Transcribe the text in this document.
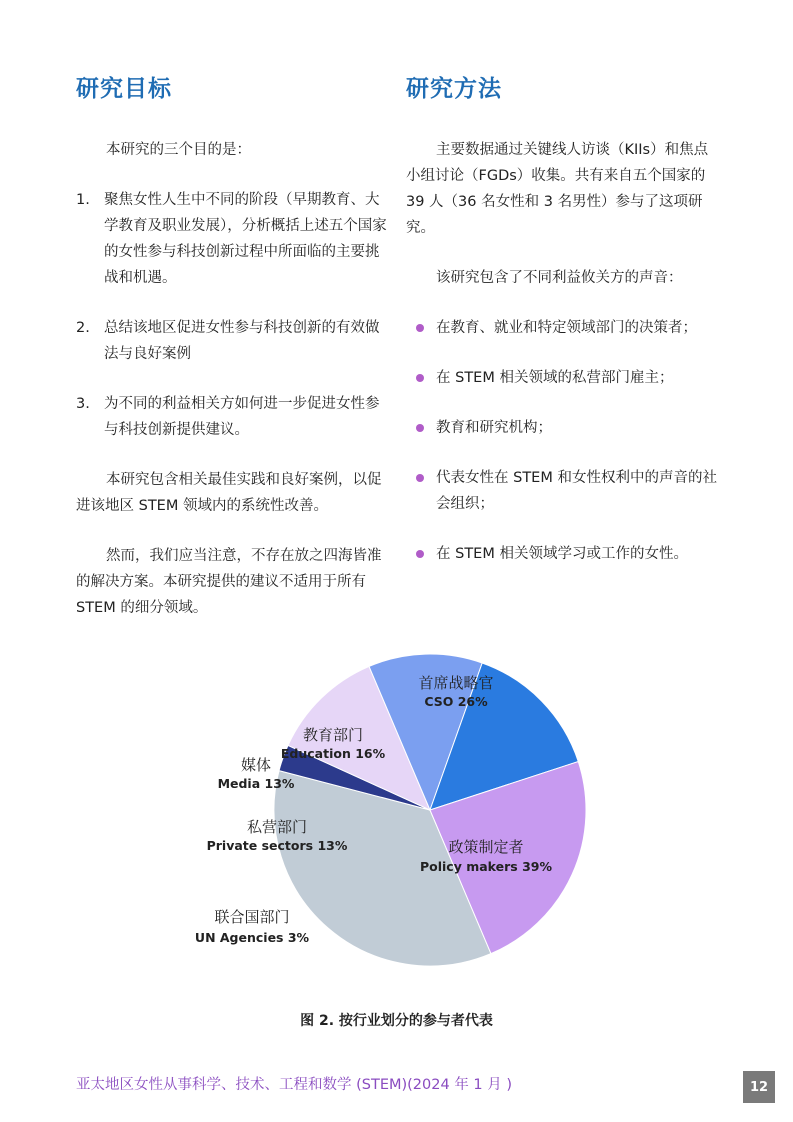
研究目标

本研究的三个目的是：

1. 聚焦女性人生中不同的阶段（早期教育、大学教育及职业发展），分析概括上述五个国家的女性参与科技创新过程中所面临的主要挑战和机遇。
2. 总结该地区促进女性参与科技创新的有效做法与良好案例
3. 为不同的利益相关方如何进一步促进女性参与科技创新提供建议。

本研究包含相关最佳实践和良好案例，以促进该地区 STEM 领域内的系统性改善。

然而，我们应当注意，不存在放之四海皆准的解决方案。本研究提供的建议不适用于所有 STEM 的细分领域。

研究方法

主要数据通过关键线人访谈（KIIs）和焦点小组讨论（FGDs）收集。共有来自五个国家的 39 人（36 名女性和 3 名男性）参与了这项研究。

该研究包含了不同利益攸关方的声音：

在教育、就业和特定领域部门的决策者；
在 STEM 相关领域的私营部门雇主；
教育和研究机构；
代表女性在 STEM 和女性权利中的声音的社会组织；
在 STEM 相关领域学习或工作的女性。
政策制定者
Policy makers 39%
联合国部门
UN Agencies 3%
私营部门
Private sectors 13%
媒体
Media 13%
教育部门
Education 16%
首席战略官
CSO 26%
图 2. 按行业划分的参与者代表
亚太地区女性从事科学、技术、工程和数学 (STEM)(2024 年 1 月 )	12
